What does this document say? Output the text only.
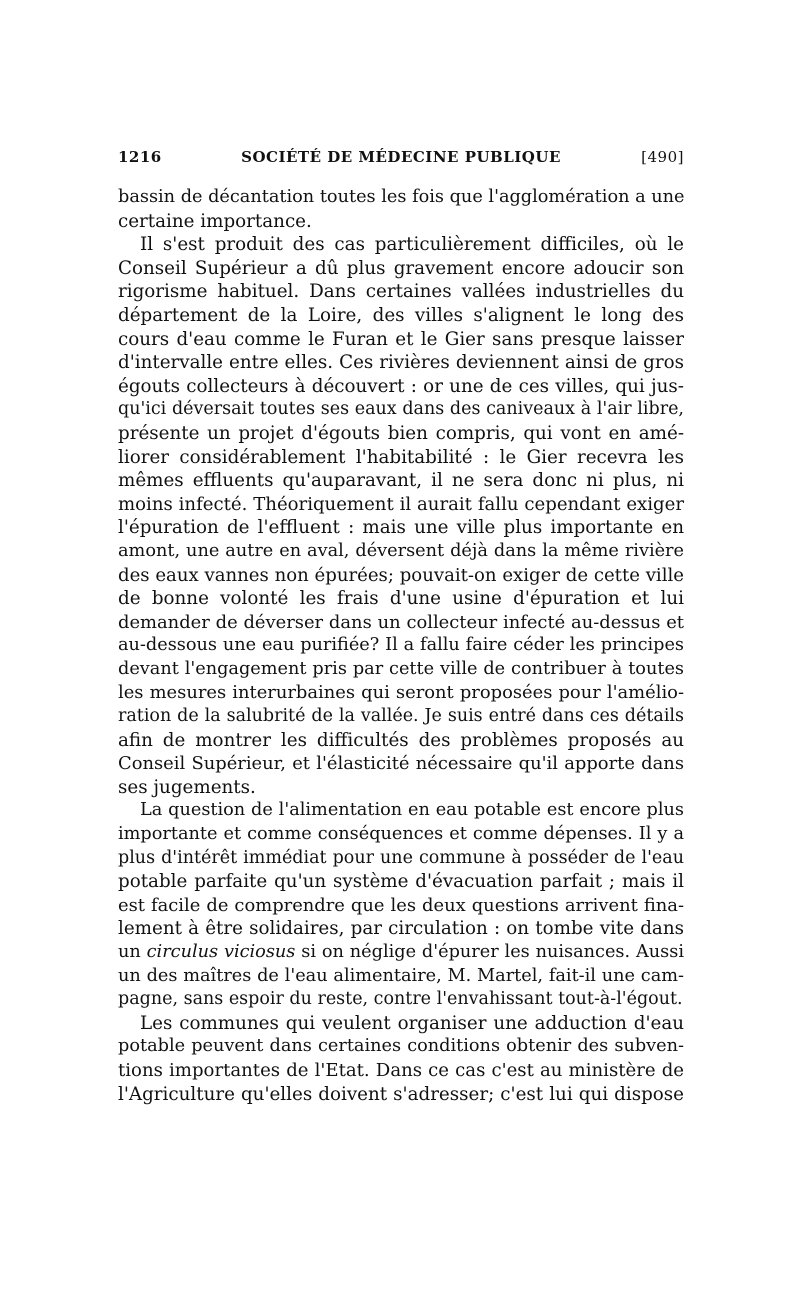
1216	SOCIÉTÉ DE MÉDECINE PUBLIQUE	[490]
bassin de décantation toutes les fois que l'agglomération a une
certaine importance.
Il s'est produit des cas particulièrement difficiles, où le
Conseil Supérieur a dû plus gravement encore adoucir son
rigorisme habituel. Dans certaines vallées industrielles du
département de la Loire, des villes s'alignent le long des
cours d'eau comme le Furan et le Gier sans presque laisser
d'intervalle entre elles. Ces rivières deviennent ainsi de gros
égouts collecteurs à découvert : or une de ces villes, qui jus-
qu'ici déversait toutes ses eaux dans des caniveaux à l'air libre,
présente un projet d'égouts bien compris, qui vont en amé-
liorer considérablement l'habitabilité : le Gier recevra les
mêmes effluents qu'auparavant, il ne sera donc ni plus, ni
moins infecté. Théoriquement il aurait fallu cependant exiger
l'épuration de l'effluent : mais une ville plus importante en
amont, une autre en aval, déversent déjà dans la même rivière
des eaux vannes non épurées; pouvait-on exiger de cette ville
de bonne volonté les frais d'une usine d'épuration et lui
demander de déverser dans un collecteur infecté au-dessus et
au-dessous une eau purifiée? Il a fallu faire céder les principes
devant l'engagement pris par cette ville de contribuer à toutes
les mesures interurbaines qui seront proposées pour l'amélio-
ration de la salubrité de la vallée. Je suis entré dans ces détails
afin de montrer les difficultés des problèmes proposés au
Conseil Supérieur, et l'élasticité nécessaire qu'il apporte dans
ses jugements.
La question de l'alimentation en eau potable est encore plus
importante et comme conséquences et comme dépenses. Il y a
plus d'intérêt immédiat pour une commune à posséder de l'eau
potable parfaite qu'un système d'évacuation parfait ; mais il
est facile de comprendre que les deux questions arrivent fina-
lement à être solidaires, par circulation : on tombe vite dans
un circulus viciosus si on néglige d'épurer les nuisances. Aussi
un des maîtres de l'eau alimentaire, M. Martel, fait-il une cam-
pagne, sans espoir du reste, contre l'envahissant tout-à-l'égout.
Les communes qui veulent organiser une adduction d'eau
potable peuvent dans certaines conditions obtenir des subven-
tions importantes de l'Etat. Dans ce cas c'est au ministère de
l'Agriculture qu'elles doivent s'adresser; c'est lui qui dispose
